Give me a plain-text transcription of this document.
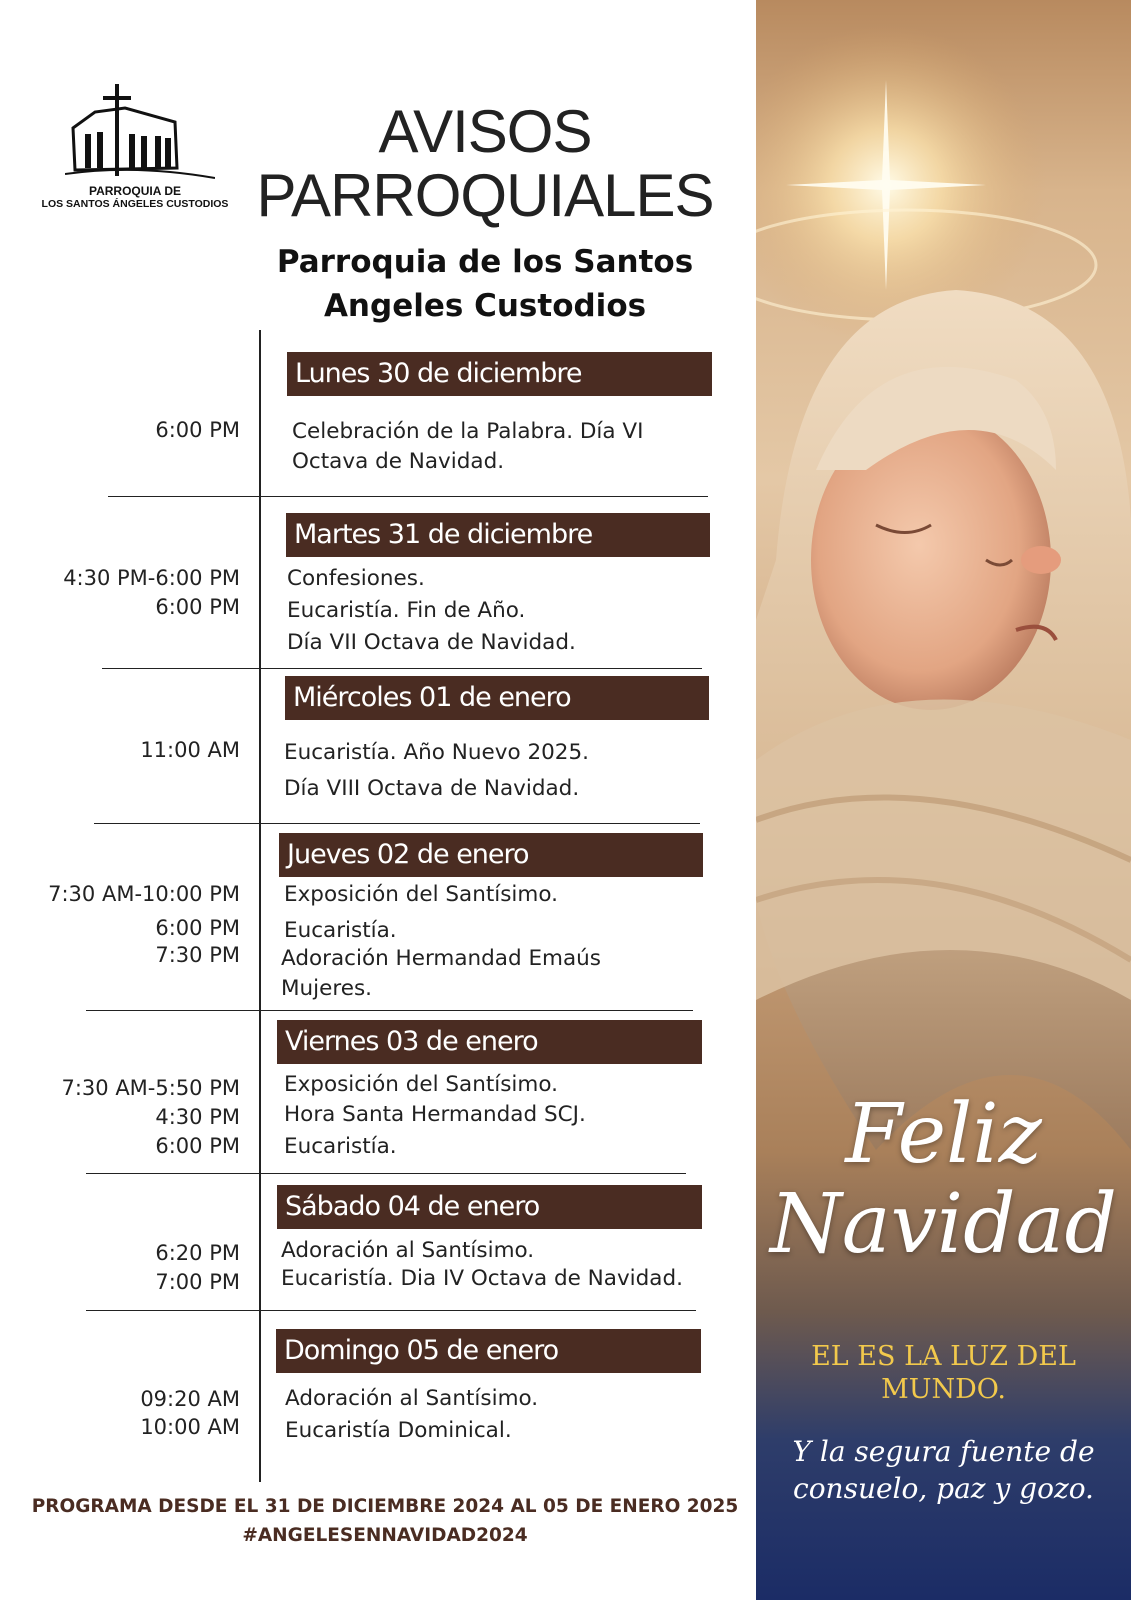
PARROQUIA DE
LOS SANTOS ÁNGELES CUSTODIOS
AVISOS
PARROQUIALES
Parroquia de los Santos
Angeles Custodios
Lunes 30 de diciembre
6:00 PM Celebración de la Palabra. Día VI
Octava de Navidad.
Martes 31 de diciembre
4:30 PM-6:00 PM
6:00 PM
Confesiones.
Eucaristía. Fin de Año.
Día VII Octava de Navidad.
Miércoles 01 de enero
11:00 AM Eucaristía. Año Nuevo 2025.
Día VIII Octava de Navidad.
Jueves 02 de enero
7:30 AM-10:00 PM
6:00 PM
7:30 PM
Exposición del Santísimo.
Eucaristía.
Adoración Hermandad Emaús
Mujeres.
Viernes 03 de enero
7:30 AM-5:50 PM
4:30 PM
6:00 PM
Exposición del Santísimo.
Hora Santa Hermandad SCJ.
Eucaristía.
Sábado 04 de enero
6:20 PM
7:00 PM
Adoración al Santísimo.
Eucaristía. Dia IV Octava de Navidad.
Domingo 05 de enero
09:20 AM
10:00 AM
Adoración al Santísimo.
Eucaristía Dominical.
PROGRAMA DESDE EL 31 DE DICIEMBRE 2024 AL 05 DE ENERO 2025
#ANGELESENNAVIDAD2024
Feliz
Navidad
EL ES LA LUZ DEL
MUNDO.
Y la segura fuente de
consuelo, paz y gozo.
